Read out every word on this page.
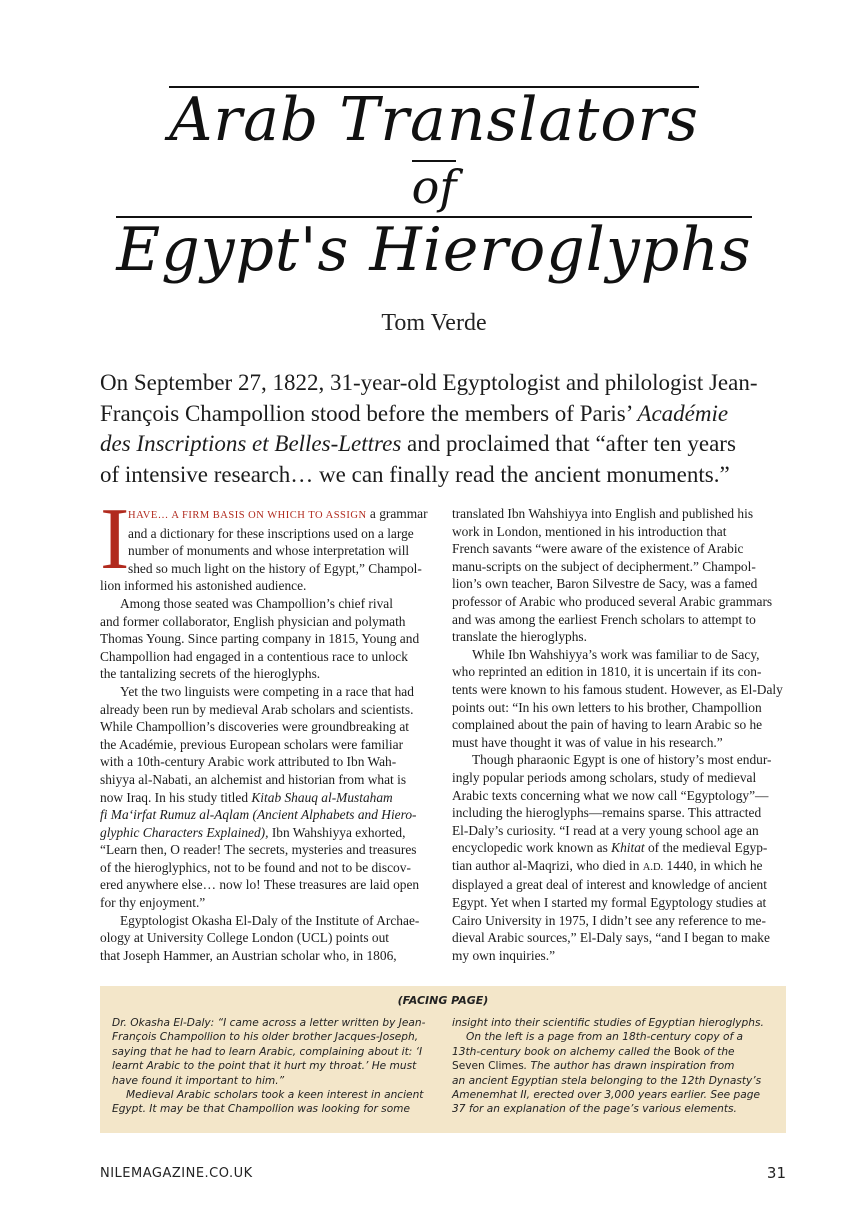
Arab Translators
of
Egypt's Hieroglyphs
Tom Verde
On September 27, 1822, 31-year-old Egyptologist and philologist Jean-
François Champollion stood before the members of Paris’ Académie
des Inscriptions et Belles-Lettres and proclaimed that “after ten years
of intensive research… we can finally read the ancient monuments.”
I
HAVE… A FIRM BASIS ON WHICH TO ASSIGN a grammar
and a dictionary for these inscriptions used on a large
number of monuments and whose interpretation will
shed so much light on the history of Egypt,” Champol-
lion informed his astonished audience.
Among those seated was Champollion’s chief rival
and former collaborator, English physician and polymath
Thomas Young. Since parting company in 1815, Young and
Champollion had engaged in a contentious race to unlock
the tantalizing secrets of the hieroglyphs.
Yet the two linguists were competing in a race that had
already been run by medieval Arab scholars and scientists.
While Champollion’s discoveries were groundbreaking at
the Académie, previous European scholars were familiar
with a 10th-century Arabic work attributed to Ibn Wah-
shiyya al-Nabati, an alchemist and historian from what is
now Iraq. In his study titled Kitab Shauq al-Mustaham
fi Ma‘irfat Rumuz al-Aqlam (Ancient Alphabets and Hiero-
glyphic Characters Explained), Ibn Wahshiyya exhorted,
“Learn then, O reader! The secrets, mysteries and treasures
of the hieroglyphics, not to be found and not to be discov-
ered anywhere else… now lo! These treasures are laid open
for thy enjoyment.”
Egyptologist Okasha El-Daly of the Institute of Archae-
ology at University College London (UCL) points out
that Joseph Hammer, an Austrian scholar who, in 1806,
translated Ibn Wahshiyya into English and published his
work in London, mentioned in his introduction that
French savants “were aware of the existence of Arabic
manu-scripts on the subject of decipherment.” Champol-
lion’s own teacher, Baron Silvestre de Sacy, was a famed
professor of Arabic who produced several Arabic grammars
and was among the earliest French scholars to attempt to
translate the hieroglyphs.
While Ibn Wahshiyya’s work was familiar to de Sacy,
who reprinted an edition in 1810, it is uncertain if its con-
tents were known to his famous student. However, as El-Daly
points out: “In his own letters to his brother, Champollion
complained about the pain of having to learn Arabic so he
must have thought it was of value in his research.”
Though pharaonic Egypt is one of history’s most endur-
ingly popular periods among scholars, study of medieval
Arabic texts concerning what we now call “Egyptology”—
including the hieroglyphs—remains sparse. This attracted
El-Daly’s curiosity. “I read at a very young school age an
encyclopedic work known as Khitat of the medieval Egyp-
tian author al-Maqrizi, who died in A.D. 1440, in which he
displayed a great deal of interest and knowledge of ancient
Egypt. Yet when I started my formal Egyptology studies at
Cairo University in 1975, I didn’t see any reference to me-
dieval Arabic sources,” El-Daly says, “and I began to make
my own inquiries.”
(FACING PAGE)
Dr. Okasha El-Daly: “I came across a letter written by Jean-
François Champollion to his older brother Jacques-Joseph,
saying that he had to learn Arabic, complaining about it: ‘I
learnt Arabic to the point that it hurt my throat.’ He must
have found it important to him.”
Medieval Arabic scholars took a keen interest in ancient
Egypt. It may be that Champollion was looking for some
insight into their scientific studies of Egyptian hieroglyphs.
On the left is a page from an 18th-century copy of a
13th-century book on alchemy called the Book of the
Seven Climes. The author has drawn inspiration from
an ancient Egyptian stela belonging to the 12th Dynasty’s
Amenemhat II, erected over 3,000 years earlier. See page
37 for an explanation of the page’s various elements.
NILEMAGAZINE.CO.UK	31
